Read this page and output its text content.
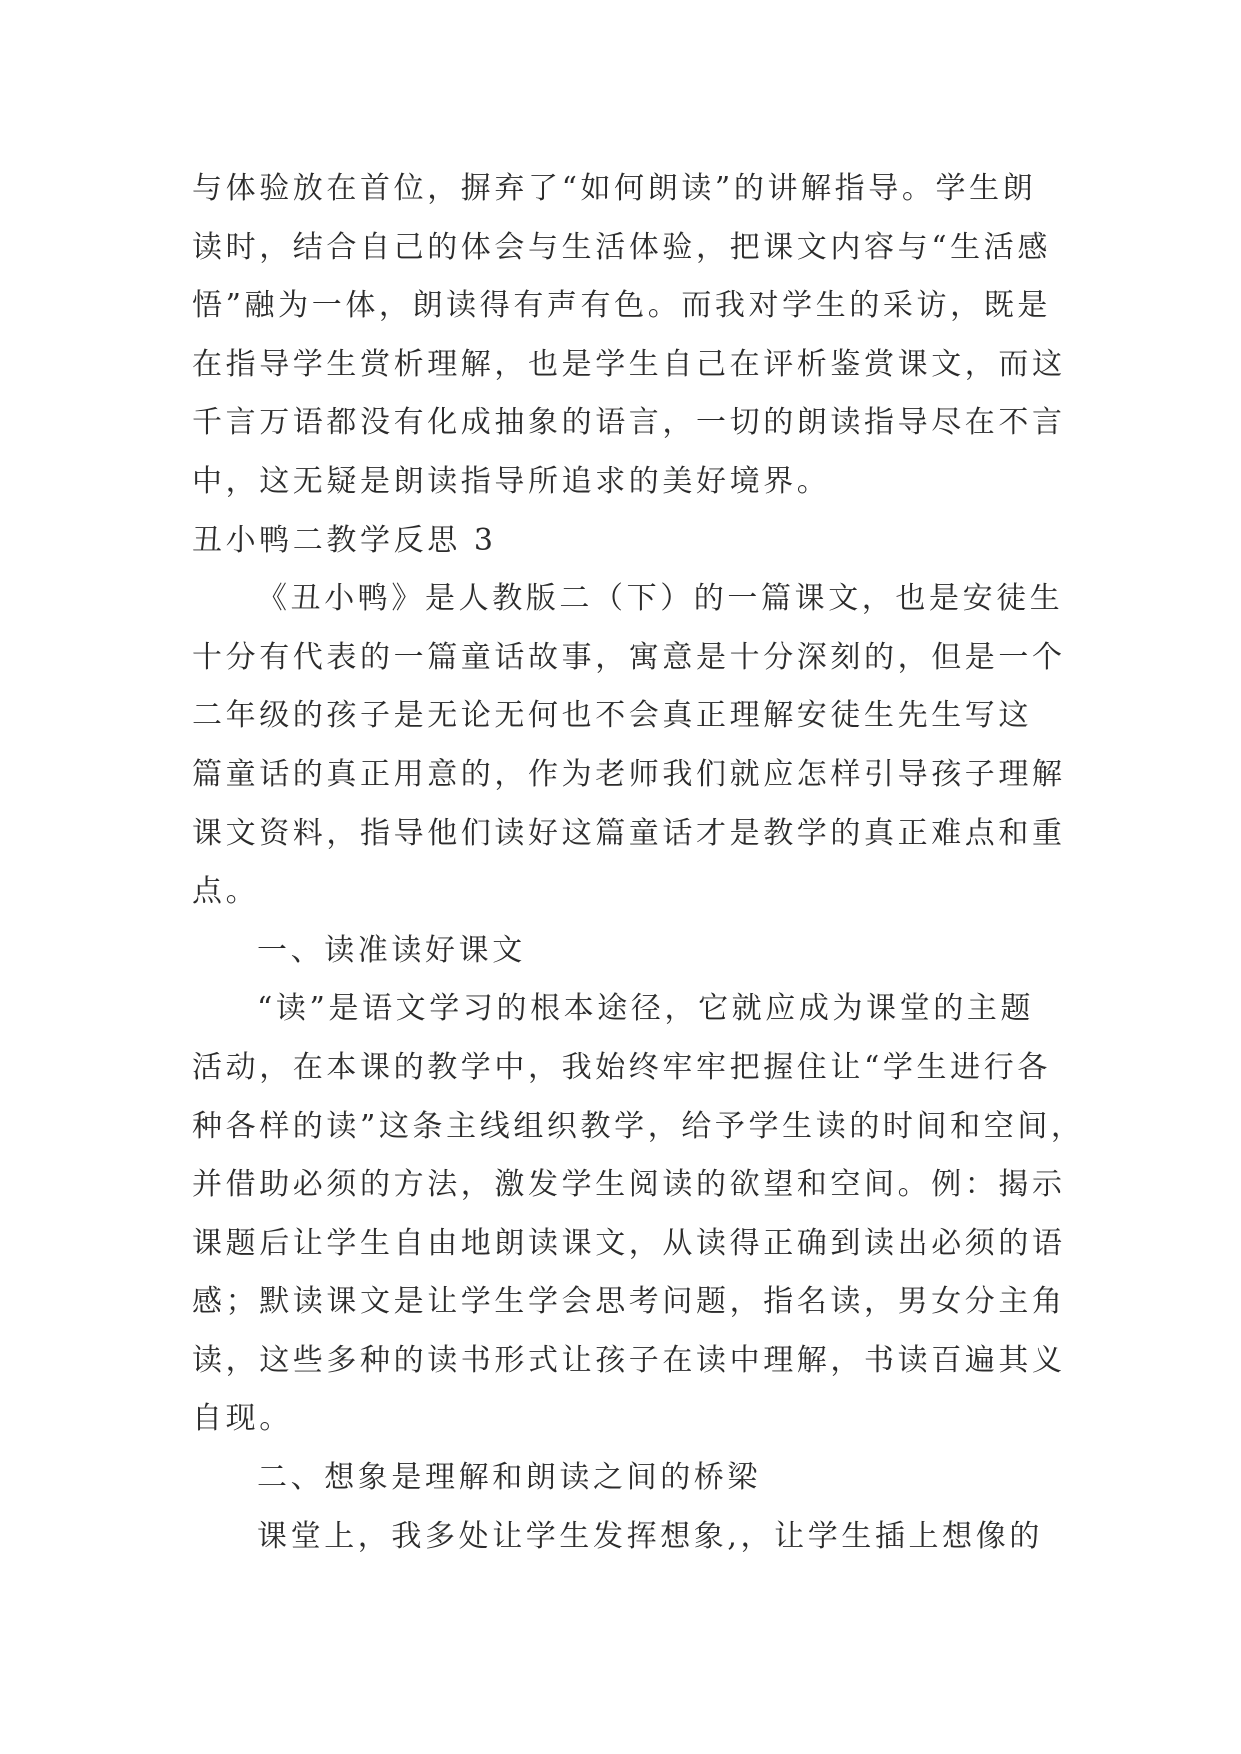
与体验放在首位，摒弃了“如何朗读”的讲解指导。学生朗
读时，结合自己的体会与生活体验，把课文内容与“生活感
悟”融为一体，朗读得有声有色。而我对学生的采访，既是
在指导学生赏析理解，也是学生自己在评析鉴赏课文，而这
千言万语都没有化成抽象的语言，一切的朗读指导尽在不言
中，这无疑是朗读指导所追求的美好境界。
丑小鸭二教学反思 3
《丑小鸭》是人教版二（下）的一篇课文，也是安徒生
十分有代表的一篇童话故事，寓意是十分深刻的，但是一个
二年级的孩子是无论无何也不会真正理解安徒生先生写这
篇童话的真正用意的，作为老师我们就应怎样引导孩子理解
课文资料，指导他们读好这篇童话才是教学的真正难点和重
点。
一、读准读好课文
“读”是语文学习的根本途径，它就应成为课堂的主题
活动，在本课的教学中，我始终牢牢把握住让“学生进行各
种各样的读”这条主线组织教学，给予学生读的时间和空间，
并借助必须的方法，激发学生阅读的欲望和空间。例：揭示
课题后让学生自由地朗读课文，从读得正确到读出必须的语
感；默读课文是让学生学会思考问题，指名读，男女分主角
读，这些多种的读书形式让孩子在读中理解，书读百遍其义
自现。
二、想象是理解和朗读之间的桥梁
课堂上，我多处让学生发挥想象,，让学生插上想像的
